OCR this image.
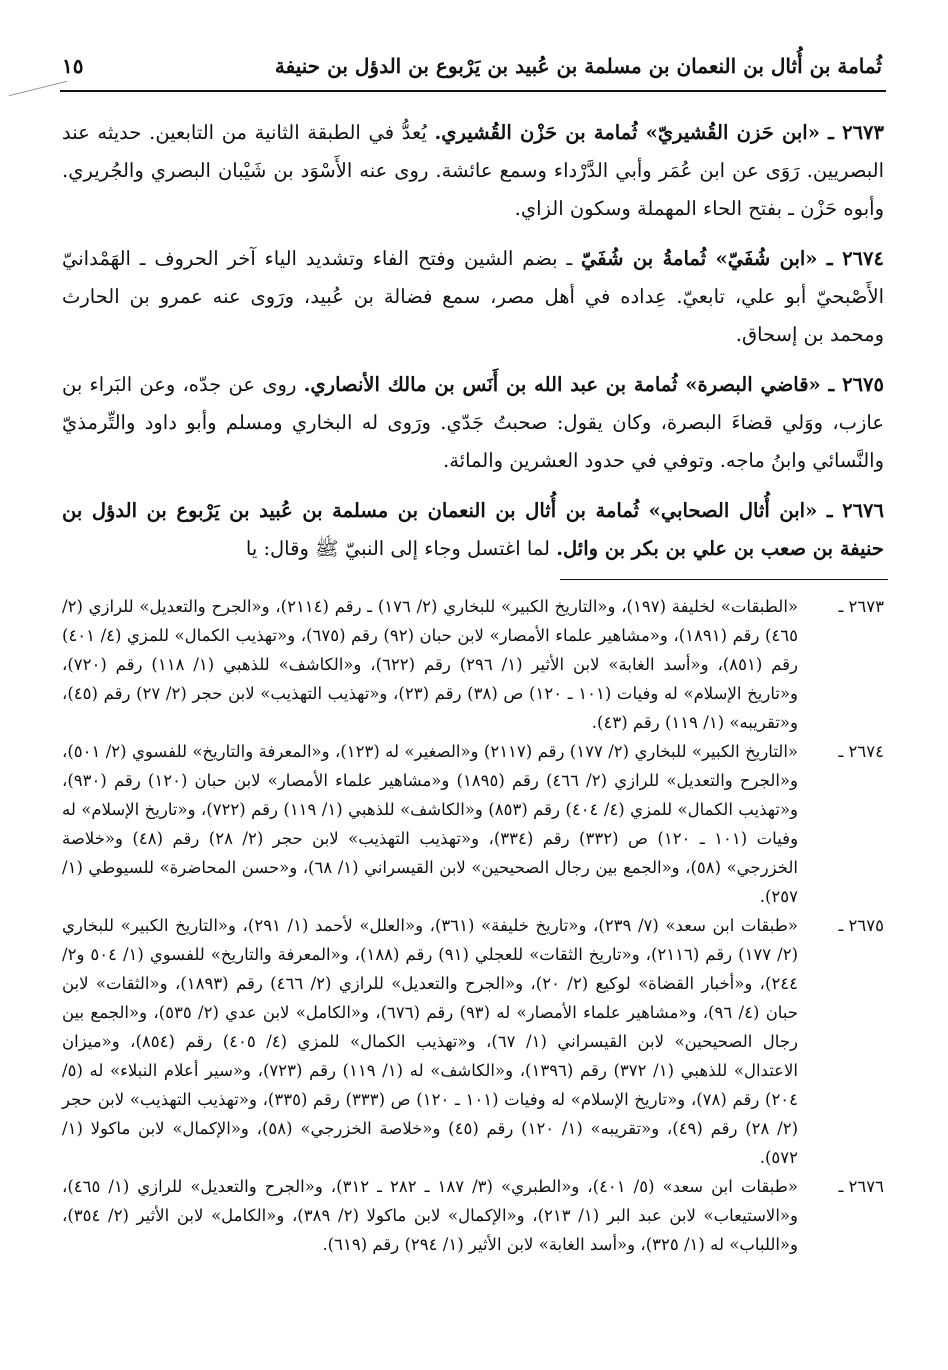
ثُمامة بن أُثال بن النعمان بن مسلمة بن عُبيد بن يَرْبوع بن الدؤل بن حنيفة
١٥

٢٦٧٣ ـ «ابن حَزن القُشيريّ» ثُمامة بن حَزْن القُشيري. يُعدُّ في الطبقة الثانية من التابعين. حديثه عند البصريين. رَوَى عن ابن عُمَر وأبي الدَّرْداء وسمع عائشة. روى عنه الأَسْوَد بن شَيْبان البصري والجُريري. وأبوه حَزْن ـ بفتح الحاء المهملة وسكون الزاي.

٢٦٧٤ ـ «ابن شُفَيّ» ثُمامةُ بن شُفَيّ ـ بضم الشين وفتح الفاء وتشديد الياء آخر الحروف ـ الهَمْدانيّ الأَصْبحيّ أبو علي، تابعيّ. عِداده في أهل مصر، سمع فضالة بن عُبيد، ورَوى عنه عمرو بن الحارث ومحمد بن إسحاق.

٢٦٧٥ ـ «قاضي البصرة» ثُمامة بن عبد الله بن أَنَس بن مالك الأنصاري. روى عن جدّه، وعن البَراء بن عازب، ووَلي قضاءَ البصرة، وكان يقول: صحبتُ جَدّي. ورَوى له البخاري ومسلم وأبو داود والتِّرمذيّ والنَّسائي وابنُ ماجه. وتوفي في حدود العشرين والمائة.

٢٦٧٦ ـ «ابن أُثال الصحابي» ثُمامة بن أُثال بن النعمان بن مسلمة بن عُبيد بن يَرْبوع بن الدؤل بن حنيفة بن صعب بن علي بن بكر بن وائل. لما اغتسل وجاء إلى النبيّ ﷺ وقال: يا

٢٦٧٣ ـ
«الطبقات» لخليفة (١٩٧)، و«التاريخ الكبير» للبخاري (٢/ ١٧٦) ـ رقم (٢١١٤)، و«الجرح والتعديل» للرازي (٢/ ٤٦٥) رقم (١٨٩١)، و«مشاهير علماء الأمصار» لابن حبان (٩٢) رقم (٦٧٥)، و«تهذيب الكمال» للمزي (٤/ ٤٠١) رقم (٨٥١)، و«أسد الغابة» لابن الأثير (١/ ٢٩٦) رقم (٦٢٢)، و«الكاشف» للذهبي (١/ ١١٨) رقم (٧٢٠)، و«تاريخ الإسلام» له وفيات (١٠١ ـ ١٢٠) ص (٣٨) رقم (٢٣)، و«تهذيب التهذيب» لابن حجر (٢/ ٢٧) رقم (٤٥)، و«تقريبه» (١/ ١١٩) رقم (٤٣).

٢٦٧٤ ـ
«التاريخ الكبير» للبخاري (٢/ ١٧٧) رقم (٢١١٧) و«الصغير» له (١٢٣)، و«المعرفة والتاريخ» للفسوي (٢/ ٥٠١)، و«الجرح والتعديل» للرازي (٢/ ٤٦٦) رقم (١٨٩٥) و«مشاهير علماء الأمصار» لابن حبان (١٢٠) رقم (٩٣٠)، و«تهذيب الكمال» للمزي (٤/ ٤٠٤) رقم (٨٥٣) و«الكاشف» للذهبي (١/ ١١٩) رقم (٧٢٢)، و«تاريخ الإسلام» له وفيات (١٠١ ـ ١٢٠) ص (٣٣٢) رقم (٣٣٤)، و«تهذيب التهذيب» لابن حجر (٢/ ٢٨) رقم (٤٨) و«خلاصة الخزرجي» (٥٨)، و«الجمع بين رجال الصحيحين» لابن القيسراني (١/ ٦٨)، و«حسن المحاضرة» للسيوطي (١/ ٢٥٧).

٢٦٧٥ ـ
«طبقات ابن سعد» (٧/ ٢٣٩)، و«تاريخ خليفة» (٣٦١)، و«العلل» لأحمد (١/ ٢٩١)، و«التاريخ الكبير» للبخاري (٢/ ١٧٧) رقم (٢١١٦)، و«تاريخ الثقات» للعجلي (٩١) رقم (١٨٨)، و«المعرفة والتاريخ» للفسوي (١/ ٥٠٤ و٢/ ٢٤٤)، و«أخبار القضاة» لوكيع (٢/ ٢٠)، و«الجرح والتعديل» للرازي (٢/ ٤٦٦) رقم (١٨٩٣)، و«الثقات» لابن حبان (٤/ ٩٦)، و«مشاهير علماء الأمصار» له (٩٣) رقم (٦٧٦)، و«الكامل» لابن عدي (٢/ ٥٣٥)، و«الجمع بين رجال الصحيحين» لابن القيسراني (١/ ٦٧)، و«تهذيب الكمال» للمزي (٤/ ٤٠٥) رقم (٨٥٤)، و«ميزان الاعتدال» للذهبي (١/ ٣٧٢) رقم (١٣٩٦)، و«الكاشف» له (١/ ١١٩) رقم (٧٢٣)، و«سير أعلام النبلاء» له (٥/ ٢٠٤) رقم (٧٨)، و«تاريخ الإسلام» له وفيات (١٠١ ـ ١٢٠) ص (٣٣٣) رقم (٣٣٥)، و«تهذيب التهذيب» لابن حجر (٢/ ٢٨) رقم (٤٩)، و«تقريبه» (١/ ١٢٠) رقم (٤٥) و«خلاصة الخزرجي» (٥٨)، و«الإكمال» لابن ماكولا (١/ ٥٧٢).

٢٦٧٦ ـ
«طبقات ابن سعد» (٥/ ٤٠١)، و«الطبري» (٣/ ١٨٧ ـ ٢٨٢ ـ ٣١٢)، و«الجرح والتعديل» للرازي (١/ ٤٦٥)، و«الاستيعاب» لابن عبد البر (١/ ٢١٣)، و«الإكمال» لابن ماكولا (٢/ ٣٨٩)، و«الكامل» لابن الأثير (٢/ ٣٥٤)، و«اللباب» له (١/ ٣٢٥)، و«أسد الغابة» لابن الأثير (١/ ٢٩٤) رقم (٦١٩).
